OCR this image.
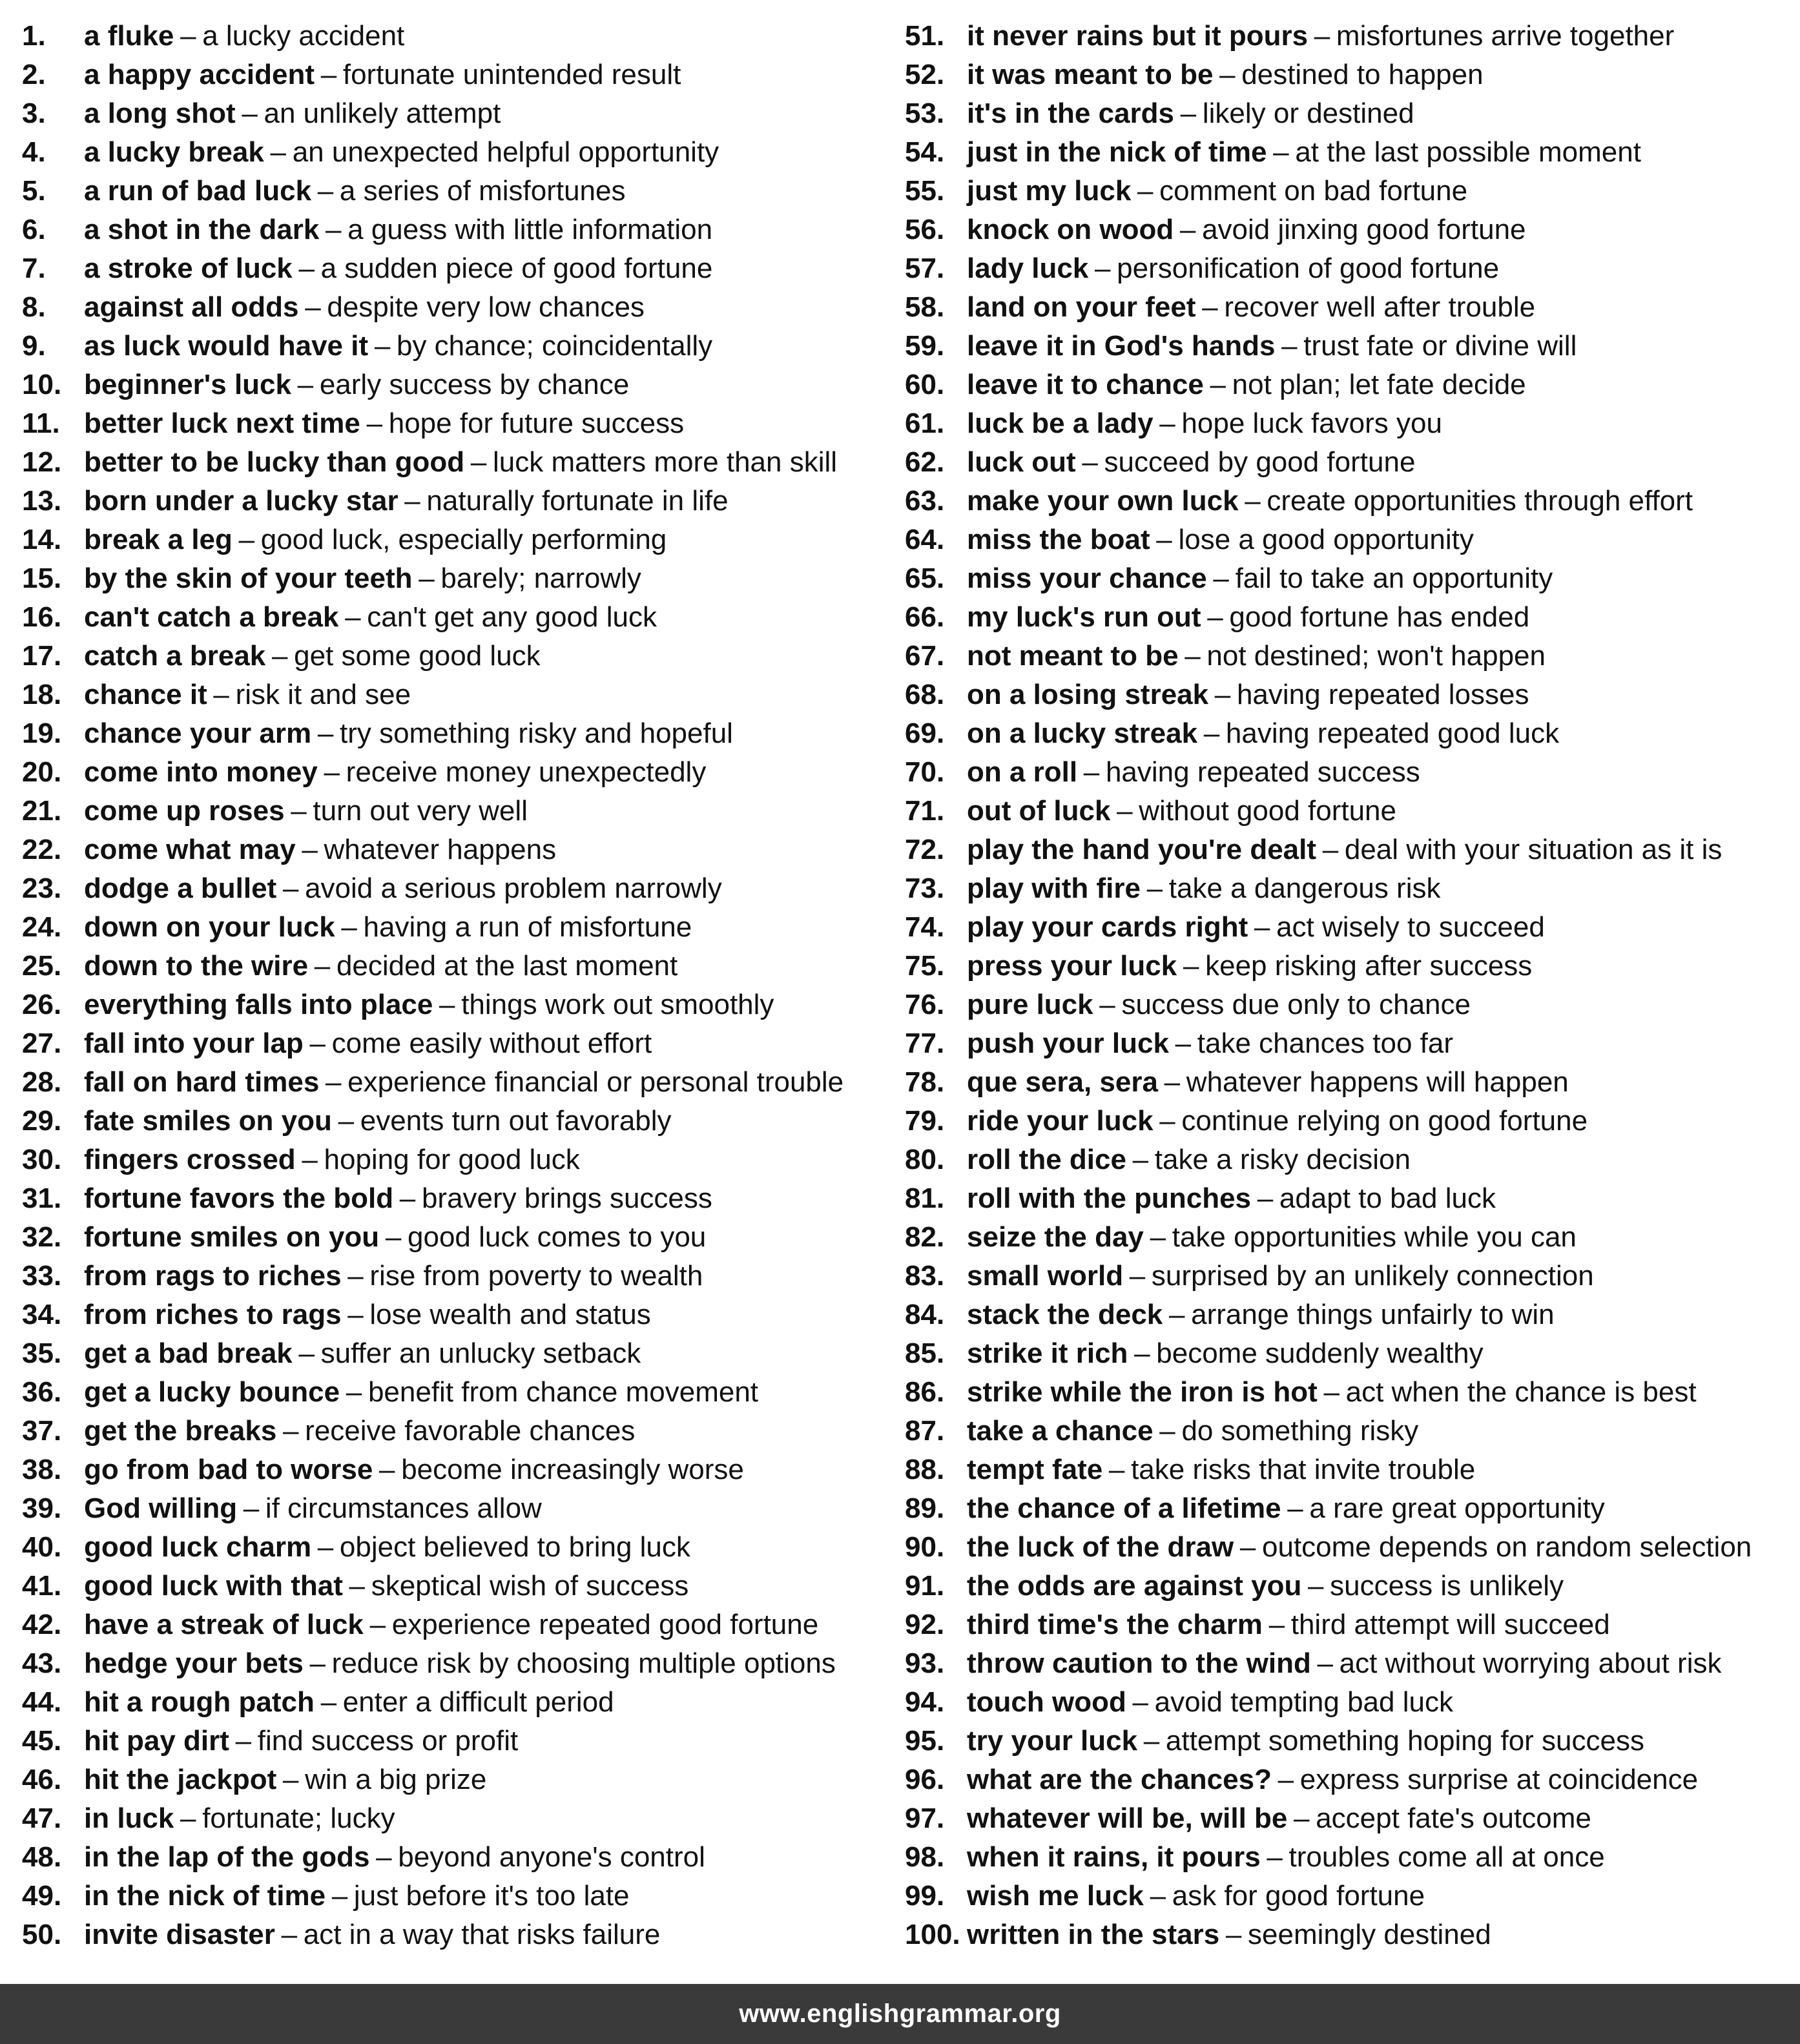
1.	a fluke – a lucky accident
2.	a happy accident – fortunate unintended result
3.	a long shot – an unlikely attempt
4.	a lucky break – an unexpected helpful opportunity
5.	a run of bad luck – a series of misfortunes
6.	a shot in the dark – a guess with little information
7.	a stroke of luck – a sudden piece of good fortune
8.	against all odds – despite very low chances
9.	as luck would have it – by chance; coincidentally
10. beginner's luck – early success by chance
11. better luck next time – hope for future success
12. better to be lucky than good – luck matters more than skill
13. born under a lucky star – naturally fortunate in life
14. break a leg – good luck, especially performing
15. by the skin of your teeth – barely; narrowly
16. can't catch a break – can't get any good luck
17. catch a break – get some good luck
18. chance it – risk it and see
19. chance your arm – try something risky and hopeful
20. come into money – receive money unexpectedly
21. come up roses – turn out very well
22. come what may – whatever happens
23. dodge a bullet – avoid a serious problem narrowly
24. down on your luck – having a run of misfortune
25. down to the wire – decided at the last moment
26. everything falls into place – things work out smoothly
27. fall into your lap – come easily without effort
28. fall on hard times – experience financial or personal trouble
29. fate smiles on you – events turn out favorably
30. fingers crossed – hoping for good luck
31. fortune favors the bold – bravery brings success
32. fortune smiles on you – good luck comes to you
33. from rags to riches – rise from poverty to wealth
34. from riches to rags – lose wealth and status
35. get a bad break – suffer an unlucky setback
36. get a lucky bounce – benefit from chance movement
37. get the breaks – receive favorable chances
38. go from bad to worse – become increasingly worse
39. God willing – if circumstances allow
40. good luck charm – object believed to bring luck
41. good luck with that – skeptical wish of success
42. have a streak of luck – experience repeated good fortune
43. hedge your bets – reduce risk by choosing multiple options
44. hit a rough patch – enter a difficult period
45. hit pay dirt – find success or profit
46. hit the jackpot – win a big prize
47. in luck – fortunate; lucky
48. in the lap of the gods – beyond anyone's control
49. in the nick of time – just before it's too late
50. invite disaster – act in a way that risks failure
51. it never rains but it pours – misfortunes arrive together
52. it was meant to be – destined to happen
53. it's in the cards – likely or destined
54. just in the nick of time – at the last possible moment
55. just my luck – comment on bad fortune
56. knock on wood – avoid jinxing good fortune
57. lady luck – personification of good fortune
58. land on your feet – recover well after trouble
59. leave it in God's hands – trust fate or divine will
60. leave it to chance – not plan; let fate decide
61. luck be a lady – hope luck favors you
62. luck out – succeed by good fortune
63. make your own luck – create opportunities through effort
64. miss the boat – lose a good opportunity
65. miss your chance – fail to take an opportunity
66. my luck's run out – good fortune has ended
67. not meant to be – not destined; won't happen
68. on a losing streak – having repeated losses
69. on a lucky streak – having repeated good luck
70. on a roll – having repeated success
71. out of luck – without good fortune
72. play the hand you're dealt – deal with your situation as it is
73. play with fire – take a dangerous risk
74. play your cards right – act wisely to succeed
75. press your luck – keep risking after success
76. pure luck – success due only to chance
77. push your luck – take chances too far
78. que sera, sera – whatever happens will happen
79. ride your luck – continue relying on good fortune
80. roll the dice – take a risky decision
81. roll with the punches – adapt to bad luck
82. seize the day – take opportunities while you can
83. small world – surprised by an unlikely connection
84. stack the deck – arrange things unfairly to win
85. strike it rich – become suddenly wealthy
86. strike while the iron is hot – act when the chance is best
87. take a chance – do something risky
88. tempt fate – take risks that invite trouble
89. the chance of a lifetime – a rare great opportunity
90. the luck of the draw – outcome depends on random selection
91. the odds are against you – success is unlikely
92. third time's the charm – third attempt will succeed
93. throw caution to the wind – act without worrying about risk
94. touch wood – avoid tempting bad luck
95. try your luck – attempt something hoping for success
96. what are the chances? – express surprise at coincidence
97. whatever will be, will be – accept fate's outcome
98. when it rains, it pours – troubles come all at once
99. wish me luck – ask for good fortune
100. written in the stars – seemingly destined
www.englishgrammar.org
